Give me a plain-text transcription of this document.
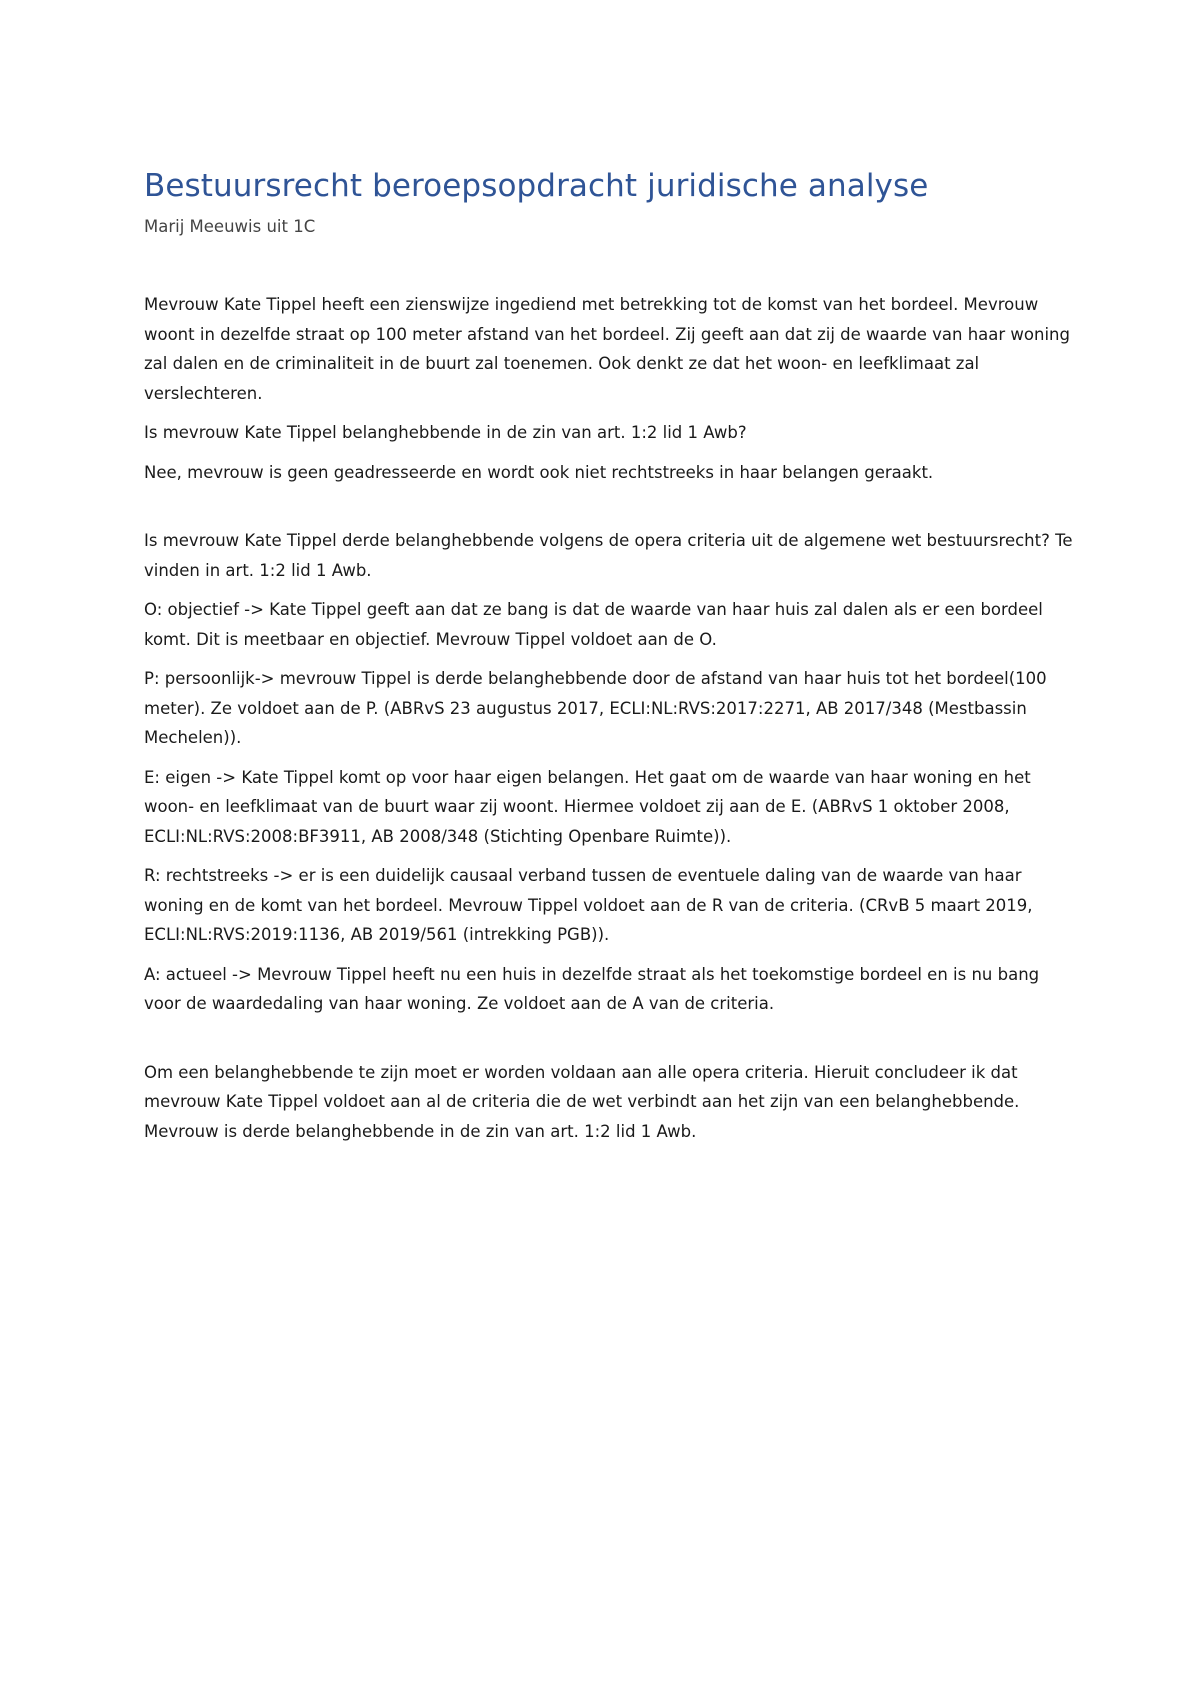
Bestuursrecht beroepsopdracht juridische analyse

Marij Meeuwis uit 1C

Mevrouw Kate Tippel heeft een zienswijze ingediend met betrekking tot de komst van het bordeel. Mevrouw woont in dezelfde straat op 100 meter afstand van het bordeel. Zij geeft aan dat zij de waarde van haar woning zal dalen en de criminaliteit in de buurt zal toenemen. Ook denkt ze dat het woon- en leefklimaat zal verslechteren.

Is mevrouw Kate Tippel belanghebbende in de zin van art. 1:2 lid 1 Awb?

Nee, mevrouw is geen geadresseerde en wordt ook niet rechtstreeks in haar belangen geraakt.

Is mevrouw Kate Tippel derde belanghebbende volgens de opera criteria uit de algemene wet bestuursrecht? Te vinden in art. 1:2 lid 1 Awb.

O: objectief -> Kate Tippel geeft aan dat ze bang is dat de waarde van haar huis zal dalen als er een bordeel komt. Dit is meetbaar en objectief. Mevrouw Tippel voldoet aan de O.

P: persoonlijk-> mevrouw Tippel is derde belanghebbende door de afstand van haar huis tot het bordeel(100 meter). Ze voldoet aan de P. (ABRvS 23 augustus 2017, ECLI:NL:RVS:2017:2271, AB 2017/348 (Mestbassin Mechelen)).

E: eigen -> Kate Tippel komt op voor haar eigen belangen. Het gaat om de waarde van haar woning en het woon- en leefklimaat van de buurt waar zij woont. Hiermee voldoet zij aan de E. (ABRvS 1 oktober 2008, ECLI:NL:RVS:2008:BF3911, AB 2008/348 (Stichting Openbare Ruimte)).

R: rechtstreeks -> er is een duidelijk causaal verband tussen de eventuele daling van de waarde van haar woning en de komt van het bordeel. Mevrouw Tippel voldoet aan de R van de criteria. (CRvB 5 maart 2019, ECLI:NL:RVS:2019:1136, AB 2019/561 (intrekking PGB)).

A: actueel -> Mevrouw Tippel heeft nu een huis in dezelfde straat als het toekomstige bordeel en is nu bang voor de waardedaling van haar woning. Ze voldoet aan de A van de criteria.

Om een belanghebbende te zijn moet er worden voldaan aan alle opera criteria. Hieruit concludeer ik dat mevrouw Kate Tippel voldoet aan al de criteria die de wet verbindt aan het zijn van een belanghebbende. Mevrouw is derde belanghebbende in de zin van art. 1:2 lid 1 Awb.
